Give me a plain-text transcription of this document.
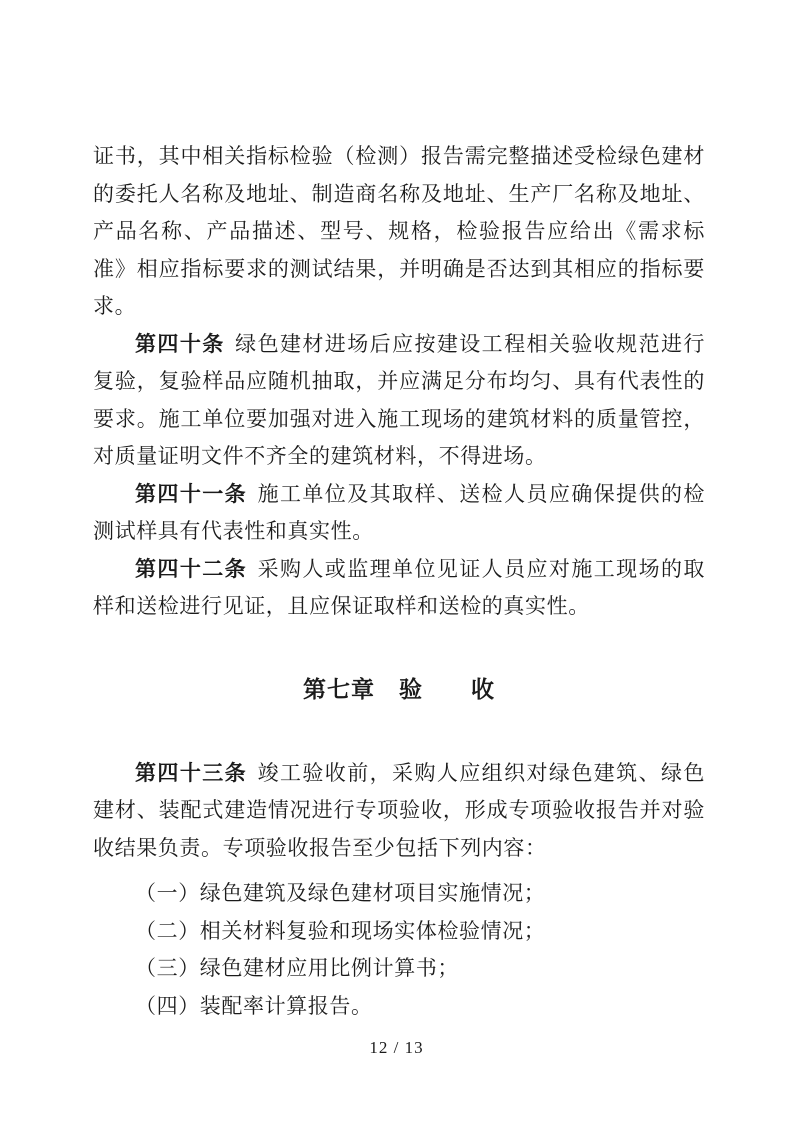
证书，其中相关指标检验（检测）报告需完整描述受检绿色建材的委托人名称及地址、制造商名称及地址、生产厂名称及地址、产品名称、产品描述、型号、规格，检验报告应给出《需求标准》相应指标要求的测试结果，并明确是否达到其相应的指标要求。

第四十条 绿色建材进场后应按建设工程相关验收规范进行复验，复验样品应随机抽取，并应满足分布均匀、具有代表性的要求。施工单位要加强对进入施工现场的建筑材料的质量管控，对质量证明文件不齐全的建筑材料，不得进场。

第四十一条 施工单位及其取样、送检人员应确保提供的检测试样具有代表性和真实性。

第四十二条 采购人或监理单位见证人员应对施工现场的取样和送检进行见证，且应保证取样和送检的真实性。

第七章　验　　收

第四十三条 竣工验收前，采购人应组织对绿色建筑、绿色建材、装配式建造情况进行专项验收，形成专项验收报告并对验收结果负责。专项验收报告至少包括下列内容：

（一）绿色建筑及绿色建材项目实施情况；

（二）相关材料复验和现场实体检验情况；

（三）绿色建材应用比例计算书；

（四）装配率计算报告。

12 / 13
